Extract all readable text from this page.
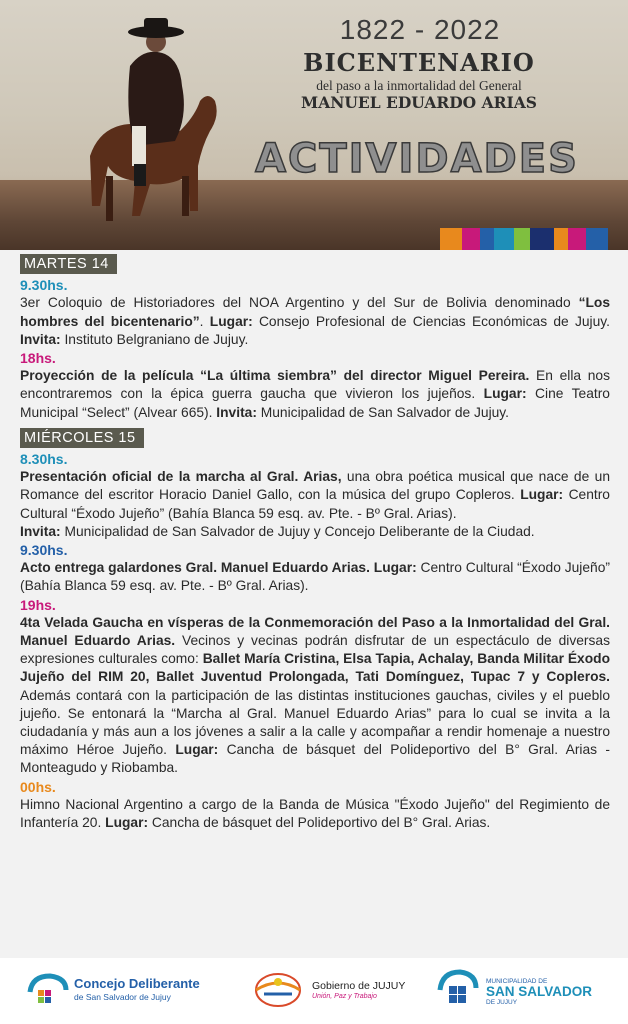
1822 - 2022
BICENTENARIO
del paso a la inmortalidad del General
MANUEL EDUARDO ARIAS
ACTIVIDADES
MARTES 14
9.30hs.

3er Coloquio de Historiadores del NOA Argentino y del Sur de Bolivia denominado “Los hombres del bicentenario”. Lugar: Consejo Profesional de Ciencias Económicas de Jujuy. Invita: Instituto Belgraniano de Jujuy.

18hs.

Proyección de la película “La última siembra” del director Miguel Pereira. En ella nos encontraremos con la épica guerra gaucha que vivieron los jujeños. Lugar: Cine Teatro Municipal “Select” (Alvear 665). Invita: Municipalidad de San Salvador de Jujuy.

MIÉRCOLES 15
8.30hs.

Presentación oficial de la marcha al Gral. Arias, una obra poética musical que nace de un Romance del escritor Horacio Daniel Gallo, con la música del grupo Copleros. Lugar: Centro Cultural “Éxodo Jujeño” (Bahía Blanca 59 esq. av. Pte. - Bº Gral. Arias).

Invita: Municipalidad de San Salvador de Jujuy y Concejo Deliberante de la Ciudad.

9.30hs.

Acto entrega galardones Gral. Manuel Eduardo Arias. Lugar: Centro Cultural “Éxodo Jujeño” (Bahía Blanca 59 esq. av. Pte. - Bº Gral. Arias).

19hs.

4ta Velada Gaucha en vísperas de la Conmemoración del Paso a la Inmortalidad del Gral. Manuel Eduardo Arias. Vecinos y vecinas podrán disfrutar de un espectáculo de diversas expresiones culturales como: Ballet María Cristina, Elsa Tapia, Achalay, Banda Militar Éxodo Jujeño del RIM 20, Ballet Juventud Prolongada, Tati Domínguez, Tupac 7 y Copleros. Además contará con la participación de las distintas instituciones gauchas, civiles y el pueblo jujeño. Se entonará la “Marcha al Gral. Manuel Eduardo Arias” para lo cual se invita a la ciudadanía y más aun a los jóvenes a salir a la calle y acompañar a rendir homenaje a nuestro máximo Héroe Jujeño. Lugar: Cancha de básquet del Polideportivo del B° Gral. Arias - Monteagudo y Riobamba.

00hs.

Himno Nacional Argentino a cargo de la Banda de Música "Éxodo Jujeño" del Regimiento de Infantería 20. Lugar: Cancha de básquet del Polideportivo del B° Gral. Arias.

Concejo Deliberante
de San Salvador de Jujuy
Gobierno de JUJUY
Unión, Paz y Trabajo
MUNICIPALIDAD DE
SAN SALVADOR
DE JUJUY
